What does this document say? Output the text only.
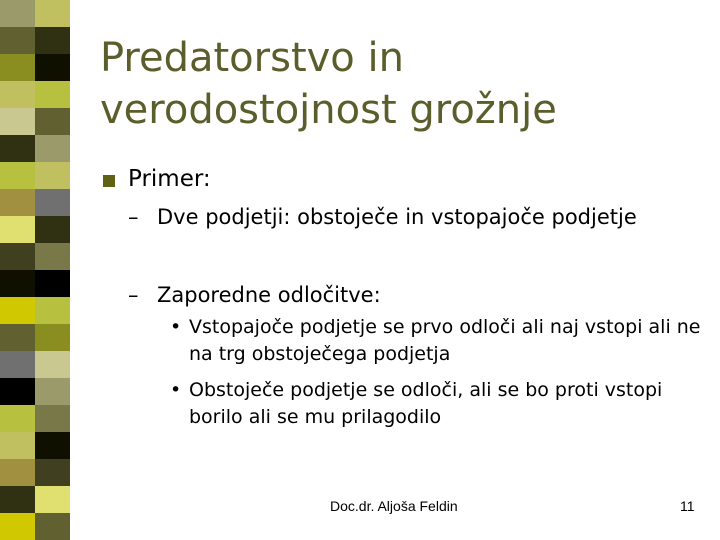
Predatorstvo in verodostojnost grožnje

Primer:

– Dve podjetji: obstoječe in vstopajoče podjetje

– Zaporedne odločitve:

• Vstopajoče podjetje se prvo odloči ali naj vstopi ali ne na trg obstoječega podjetja

• Obstoječe podjetje se odloči, ali se bo proti vstopi borilo ali se mu prilagodilo

Doc.dr. Aljoša Feldin	11
